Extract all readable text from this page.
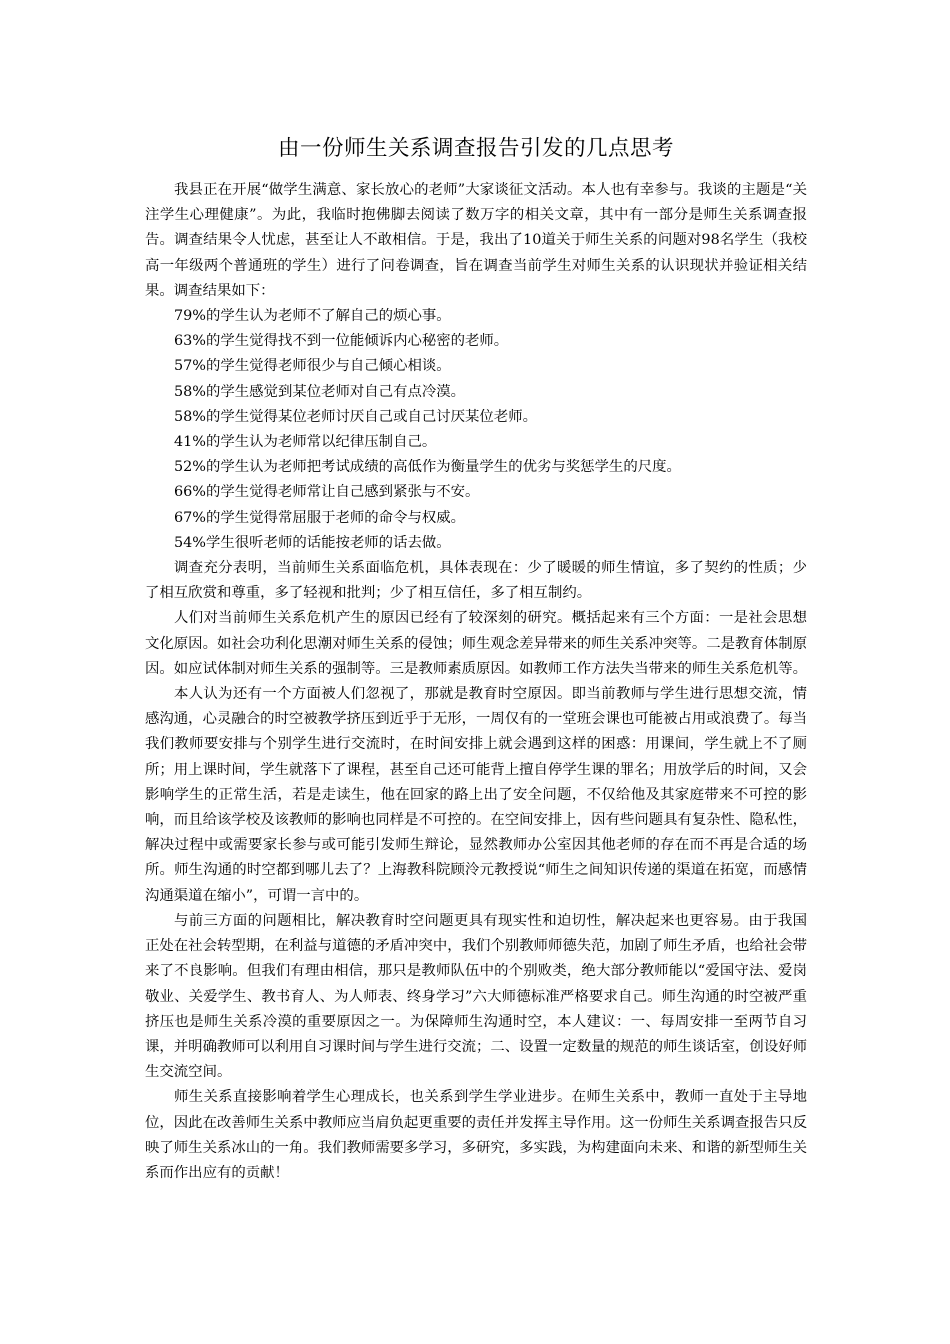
由一份师生关系调查报告引发的几点思考

我县正在开展“做学生满意、家长放心的老师”大家谈征文活动。本人也有幸参与。我谈的主题是“关注学生心理健康”。为此，我临时抱佛脚去阅读了数万字的相关文章，其中有一部分是师生关系调查报告。调查结果令人忧虑，甚至让人不敢相信。于是，我出了10道关于师生关系的问题对98名学生（我校高一年级两个普通班的学生）进行了问卷调查，旨在调查当前学生对师生关系的认识现状并验证相关结果。调查结果如下：

79%的学生认为老师不了解自己的烦心事。

63%的学生觉得找不到一位能倾诉内心秘密的老师。

57%的学生觉得老师很少与自己倾心相谈。

58%的学生感觉到某位老师对自己有点冷漠。

58%的学生觉得某位老师讨厌自己或自己讨厌某位老师。

41%的学生认为老师常以纪律压制自己。

52%的学生认为老师把考试成绩的高低作为衡量学生的优劣与奖惩学生的尺度。

66%的学生觉得老师常让自己感到紧张与不安。

67%的学生觉得常屈服于老师的命令与权威。

54%学生很听老师的话能按老师的话去做。

调查充分表明，当前师生关系面临危机，具体表现在：少了暖暖的师生情谊，多了契约的性质；少了相互欣赏和尊重，多了轻视和批判；少了相互信任，多了相互制约。

人们对当前师生关系危机产生的原因已经有了较深刻的研究。概括起来有三个方面：一是社会思想文化原因。如社会功利化思潮对师生关系的侵蚀；师生观念差异带来的师生关系冲突等。二是教育体制原因。如应试体制对师生关系的强制等。三是教师素质原因。如教师工作方法失当带来的师生关系危机等。

本人认为还有一个方面被人们忽视了，那就是教育时空原因。即当前教师与学生进行思想交流，情感沟通，心灵融合的时空被教学挤压到近乎于无形，一周仅有的一堂班会课也可能被占用或浪费了。每当我们教师要安排与个别学生进行交流时，在时间安排上就会遇到这样的困惑：用课间，学生就上不了厕所；用上课时间，学生就落下了课程，甚至自己还可能背上擅自停学生课的罪名；用放学后的时间，又会影响学生的正常生活，若是走读生，他在回家的路上出了安全问题，不仅给他及其家庭带来不可控的影响，而且给该学校及该教师的影响也同样是不可控的。在空间安排上，因有些问题具有复杂性、隐私性，解决过程中或需要家长参与或可能引发师生辩论，显然教师办公室因其他老师的存在而不再是合适的场所。师生沟通的时空都到哪儿去了？上海教科院顾泠元教授说“师生之间知识传递的渠道在拓宽，而感情沟通渠道在缩小”，可谓一言中的。

与前三方面的问题相比，解决教育时空问题更具有现实性和迫切性，解决起来也更容易。由于我国正处在社会转型期，在利益与道德的矛盾冲突中，我们个别教师师德失范，加剧了师生矛盾，也给社会带来了不良影响。但我们有理由相信，那只是教师队伍中的个别败类，绝大部分教师能以“爱国守法、爱岗敬业、关爱学生、教书育人、为人师表、终身学习”六大师德标准严格要求自己。师生沟通的时空被严重挤压也是师生关系冷漠的重要原因之一。为保障师生沟通时空，本人建议：一、每周安排一至两节自习课，并明确教师可以利用自习课时间与学生进行交流；二、设置一定数量的规范的师生谈话室，创设好师生交流空间。

师生关系直接影响着学生心理成长，也关系到学生学业进步。在师生关系中，教师一直处于主导地位，因此在改善师生关系中教师应当肩负起更重要的责任并发挥主导作用。这一份师生关系调查报告只反映了师生关系冰山的一角。我们教师需要多学习，多研究，多实践，为构建面向未来、和谐的新型师生关系而作出应有的贡献！
